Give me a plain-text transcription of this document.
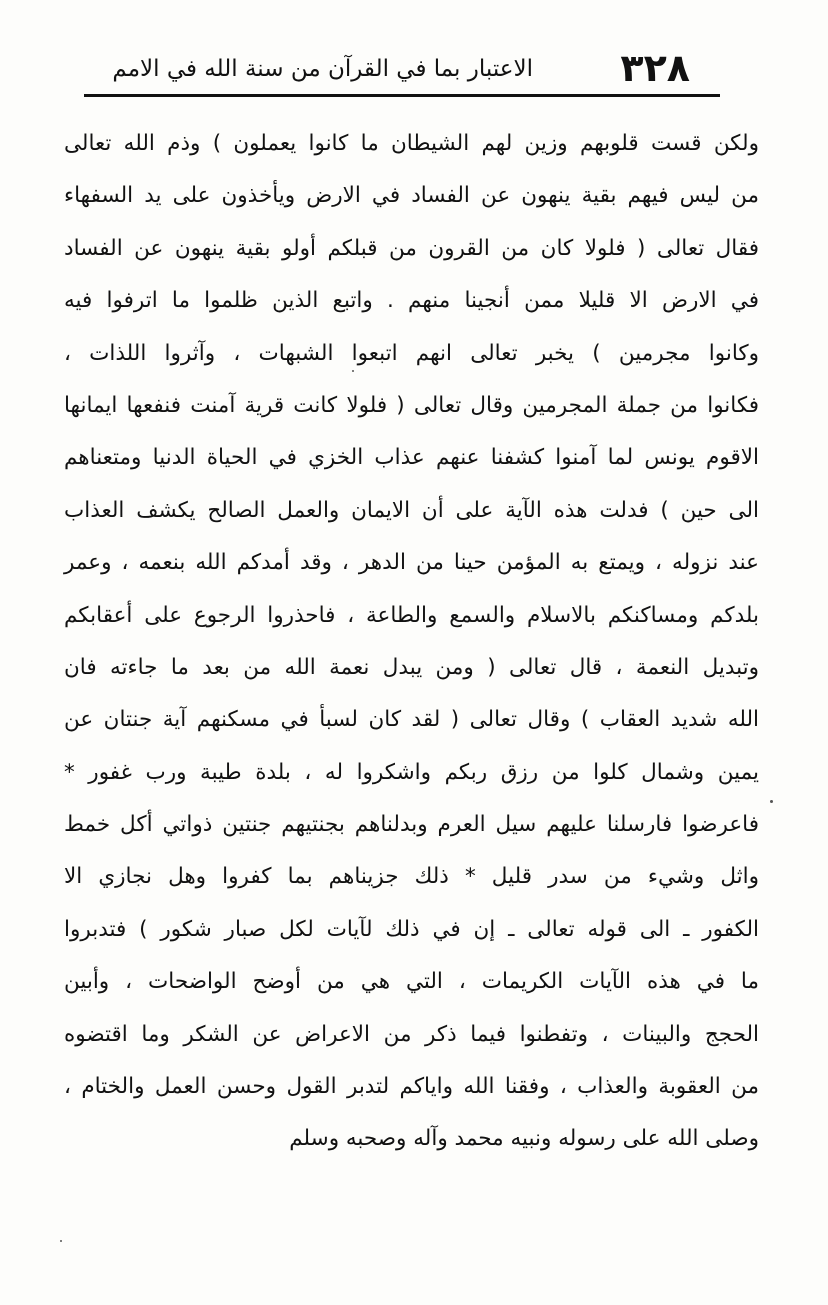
٣٢٨
الاعتبار بما في القرآن من سنة الله في الامم
ولكن قست قلوبهم وزين لهم الشيطان ما كانوا يعملون ) وذم الله تعالى
من ليس فيهم بقية ينهون عن الفساد في الارض ويأخذون على يد السفهاء
فقال تعالى ( فلولا كان من القرون من قبلكم أولو بقية ينهون عن الفساد
في الارض الا قليلا ممن أنجينا منهم . واتبع الذين ظلموا ما اترفوا فيه
وكانوا مجرمين ) يخبر تعالى انهم اتبعوا الشبهات ، وآثروا اللذات ،
فكانوا من جملة المجرمين وقال تعالى ( فلولا كانت قرية آمنت فنفعها ايمانها
الاقوم يونس لما آمنوا كشفنا عنهم عذاب الخزي في الحياة الدنيا ومتعناهم
الى حين ) فدلت هذه الآية على أن الايمان والعمل الصالح يكشف العذاب
عند نزوله ، ويمتع به المؤمن حينا من الدهر ، وقد أمدكم الله بنعمه ، وعمر
بلدكم ومساكنكم بالاسلام والسمع والطاعة ، فاحذروا الرجوع على أعقابكم
وتبديل النعمة ، قال تعالى ( ومن يبدل نعمة الله من بعد ما جاءته فان
الله شديد العقاب ) وقال تعالى ( لقد كان لسبأ في مسكنهم آية جنتان عن
يمين وشمال كلوا من رزق ربكم واشكروا له ، بلدة طيبة ورب غفور *
فاعرضوا فارسلنا عليهم سيل العرم وبدلناهم بجنتيهم جنتين ذواتي أكل خمط
واثل وشيء من سدر قليل * ذلك جزيناهم بما كفروا وهل نجازي الا
الكفور ـ الى قوله تعالى ـ إن في ذلك لآيات لكل صبار شكور ) فتدبروا
ما في هذه الآيات الكريمات ، التي هي من أوضح الواضحات ، وأبين
الحجج والبينات ، وتفطنوا فيما ذكر من الاعراض عن الشكر وما اقتضوه
من العقوبة والعذاب ، وفقنا الله واياكم لتدبر القول وحسن العمل والختام ،
وصلى الله على رسوله ونبيه محمد وآله وصحبه وسلم
